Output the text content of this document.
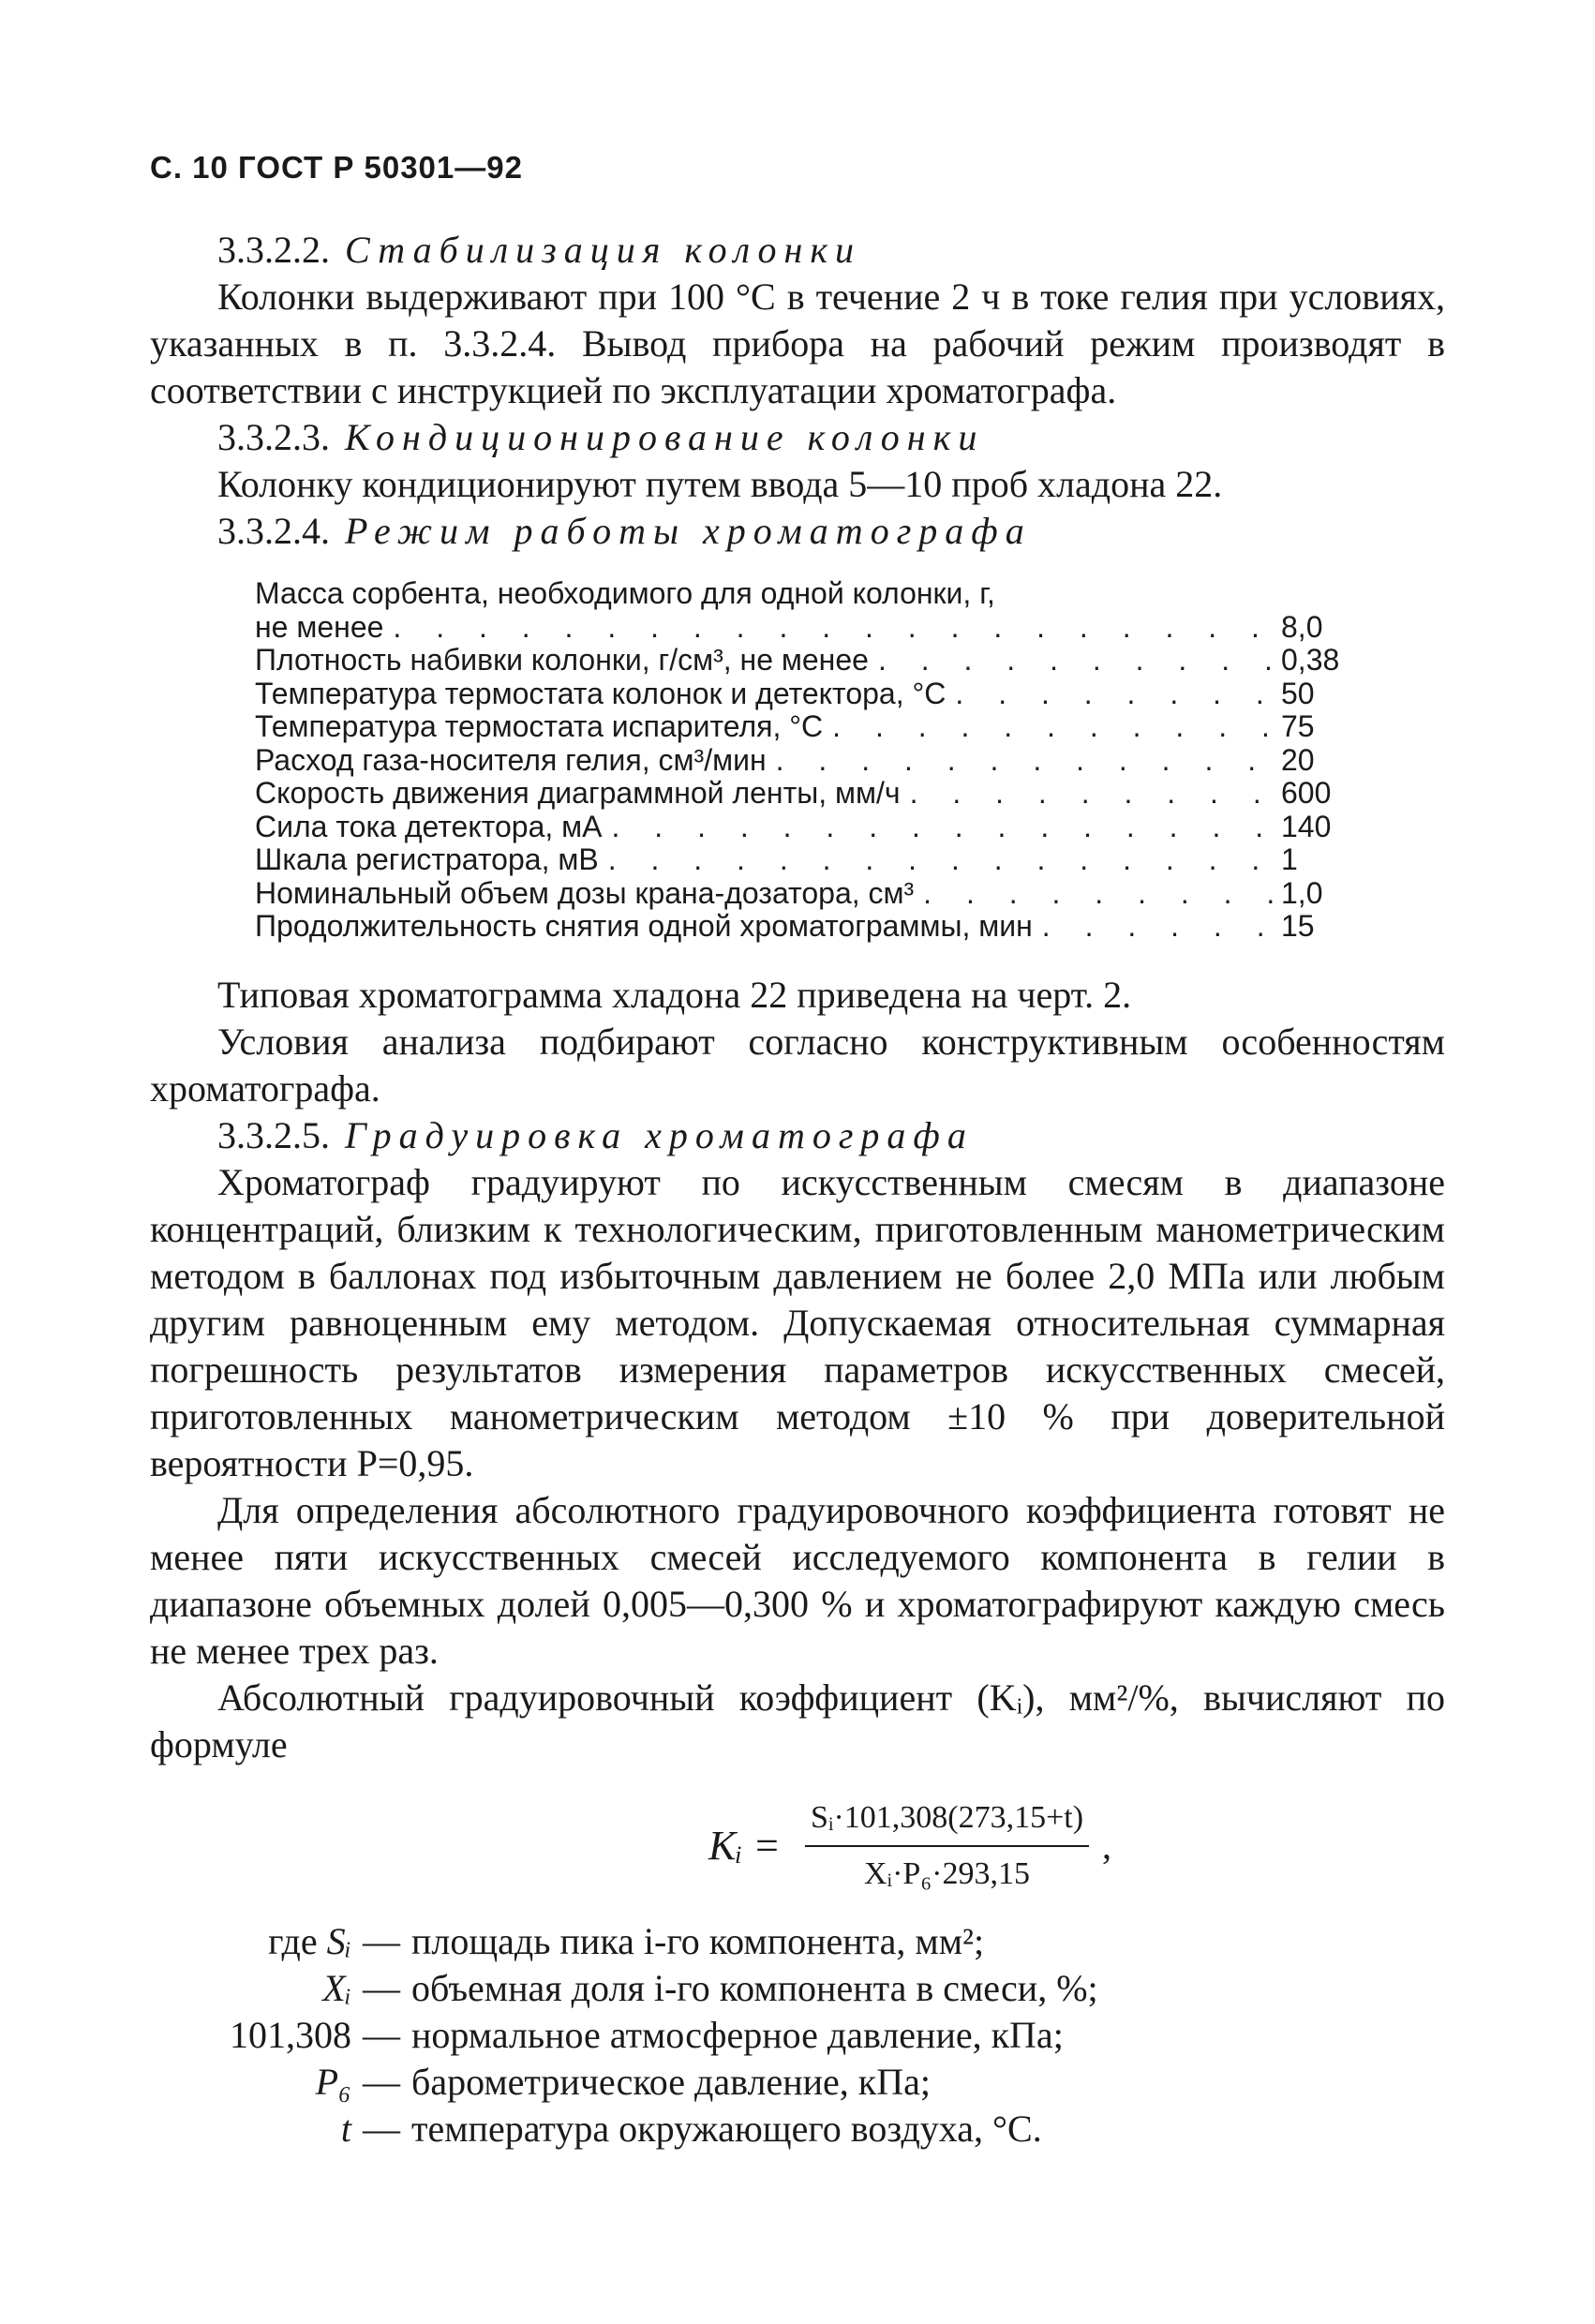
С. 10 ГОСТ Р 50301—92
3.3.2.2. Стабилизация колонки

Колонки выдерживают при 100 °С в течение 2 ч в токе гелия при условиях, указанных в п. 3.3.2.4. Вывод прибора на рабочий режим производят в соответствии с инструкцией по эксплуатации хроматографа.

3.3.2.3. Кондиционирование колонки

Колонку кондиционируют путем ввода 5—10 проб хладона 22.

3.3.2.4. Режим работы хроматографа
Масса сорбента, необходимого для одной колонки, г,
не менее . . .	8,0
Плотность набивки колонки, г/см³, не менее . . .	0,38
Температура термостата колонок и детектора, °С . . .	50
Температура термостата испарителя, °С . . .	75
Расход газа-носителя гелия, см³/мин . . .	20
Скорость движения диаграммной ленты, мм/ч . . .	600
Сила тока детектора, мА . . .	140
Шкала регистратора, мВ . . .	1
Номинальный объем дозы крана-дозатора, см³ . . .	1,0
Продолжительность снятия одной хроматограммы, мин . . .	15

Типовая хроматограмма хладона 22 приведена на черт. 2.

Условия анализа подбирают согласно конструктивным особенностям хроматографа.

3.3.2.5. Градуировка хроматографа

Хроматограф градуируют по искусственным смесям в диапазоне концентраций, близким к технологическим, приготовленным манометрическим методом в баллонах под избыточным давлением не более 2,0 МПа или любым другим равноценным ему методом. Допускаемая относительная суммарная погрешность результатов измерения параметров искусственных смесей, приготовленных манометрическим методом ±10 % при доверительной вероятности P=0,95.

Для определения абсолютного градуировочного коэффициента готовят не менее пяти искусственных смесей исследуемого компонента в гелии в диапазоне объемных долей 0,005—0,300 % и хроматографируют каждую смесь не менее трех раз.

Абсолютный градуировочный коэффициент (Kᵢ), мм²/%, вычисляют по формуле

Kᵢ = $\frac{\text{Sᵢ·101,308(273,15+t)}}{\text{Xᵢ·P₆·293,15}}$ ,
где Sᵢ — площадь пика i-го компонента, мм²;
Xᵢ — объемная доля i-го компонента в смеси, %;
101,308 — нормальное атмосферное давление, кПа;
P₆ — барометрическое давление, кПа;
t — температура окружающего воздуха, °С.
